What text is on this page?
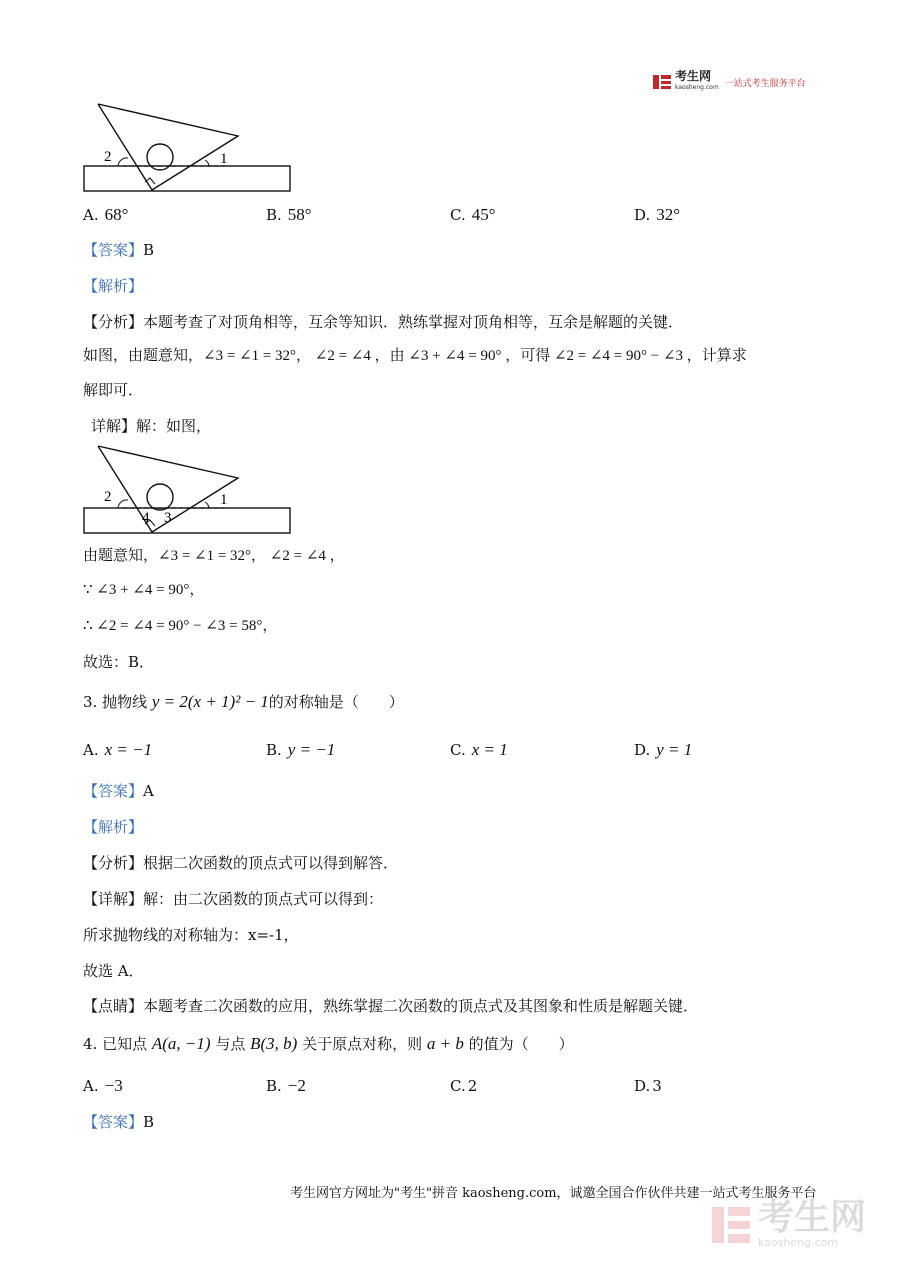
考生网
kaosheng.com 一站式考生服务平台
2	1
A. 68°	B. 58°	C. 45°	D. 32°
【答案】B
【解析】
【分析】本题考查了对顶角相等，互余等知识．熟练掌握对顶角相等，互余是解题的关键．
如图，由题意知，∠3 = ∠1 = 32°， ∠2 = ∠4 ，由 ∠3 + ∠4 = 90° ，可得 ∠2 = ∠4 = 90° − ∠3 ，计算求
解即可．
详解】解：如图，
2	1
4 3
由题意知，∠3 = ∠1 = 32°， ∠2 = ∠4 ，
∵ ∠3 + ∠4 = 90°，
∴ ∠2 = ∠4 = 90° − ∠3 = 58°，
故选：B．
3. 抛物线 y = 2(x + 1)² − 1的对称轴是（　　）
A. x = −1	B. y = −1	C. x = 1	D. y = 1
【答案】A
【解析】
【分析】根据二次函数的顶点式可以得到解答．
【详解】解：由二次函数的顶点式可以得到：
所求抛物线的对称轴为：x=-1，
故选 A．
【点睛】本题考查二次函数的应用，熟练掌握二次函数的顶点式及其图象和性质是解题关键．
4. 已知点 A(a, −1) 与点 B(3, b) 关于原点对称，则 a + b 的值为（　　）
A. −3	B. −2	C. 2	D. 3
【答案】B
考生网官方网址为"考生"拼音 kaosheng.com，诚邀全国合作伙伴共建一站式考生服务平台
考生网
kaosheng.com
